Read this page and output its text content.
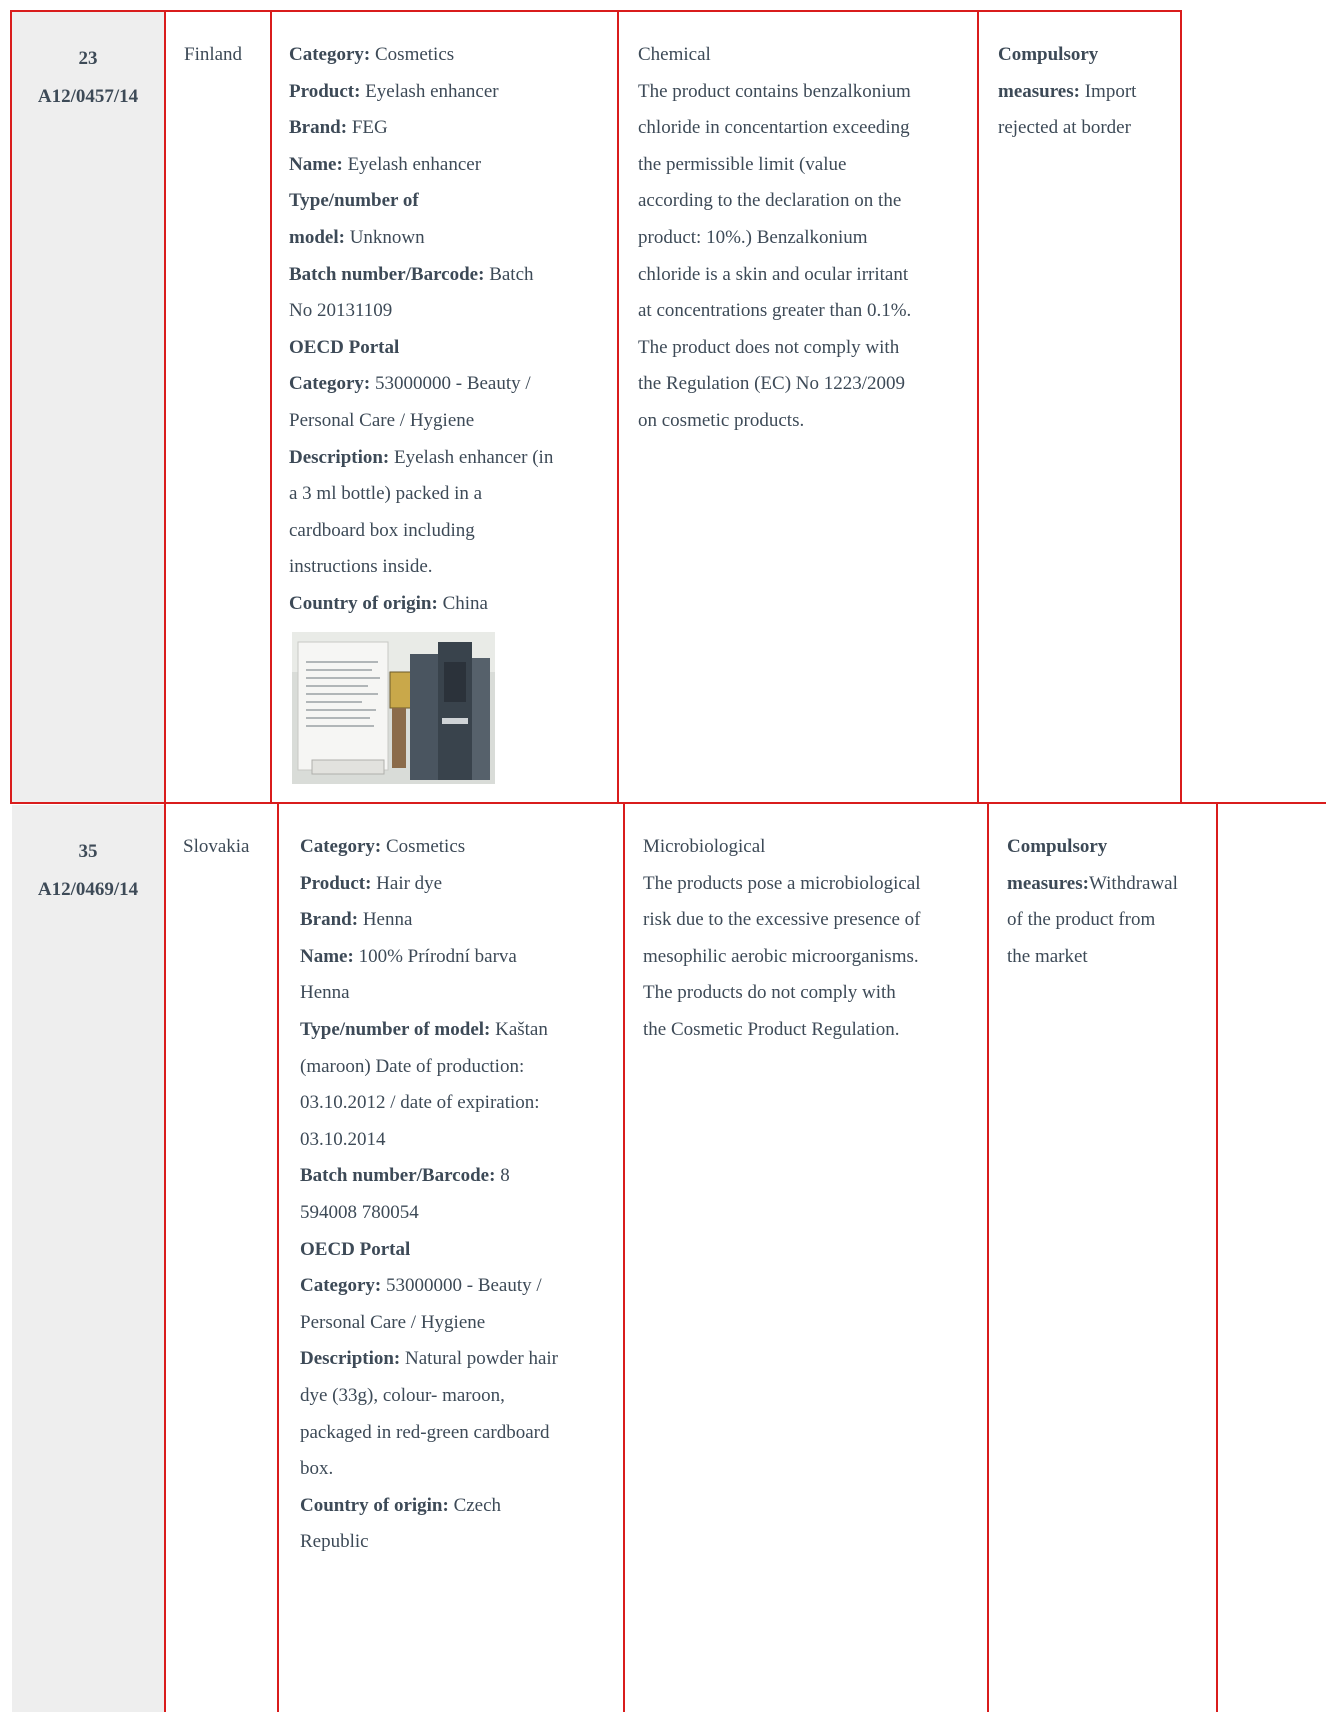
23
A12/0457/14

Finland	Category: Cosmetics

Product: Eyelash enhancer

Brand: FEG

Name: Eyelash enhancer

Type/number of

model: Unknown

Batch number/Barcode: Batch

No 20131109

OECD Portal

Category: 53000000 - Beauty /

Personal Care / Hygiene

Description: Eyelash enhancer (in

a 3 ml bottle) packed in a

cardboard box including

instructions inside.

Country of origin: China

Chemical

The product contains benzalkonium

chloride in concentartion exceeding

the permissible limit (value

according to the declaration on the

product: 10%.) Benzalkonium

chloride is a skin and ocular irritant

at concentrations greater than 0.1%.

The product does not comply with

the Regulation (EC) No 1223/2009

on cosmetic products.

Compulsory

measures: Import

rejected at border

35
A12/0469/14

Slovakia	Category: Cosmetics

Product: Hair dye

Brand: Henna

Name: 100% Prírodní barva

Henna

Type/number of model: Kaštan

(maroon) Date of production:

03.10.2012 / date of expiration:

03.10.2014

Batch number/Barcode: 8

594008 780054

OECD Portal

Category: 53000000 - Beauty /

Personal Care / Hygiene

Description: Natural powder hair

dye (33g), colour- maroon,

packaged in red-green cardboard

box.

Country of origin: Czech

Republic

Microbiological

The products pose a microbiological

risk due to the excessive presence of

mesophilic aerobic microorganisms.

The products do not comply with

the Cosmetic Product Regulation.

Compulsory

measures:Withdrawal

of the product from

the market
